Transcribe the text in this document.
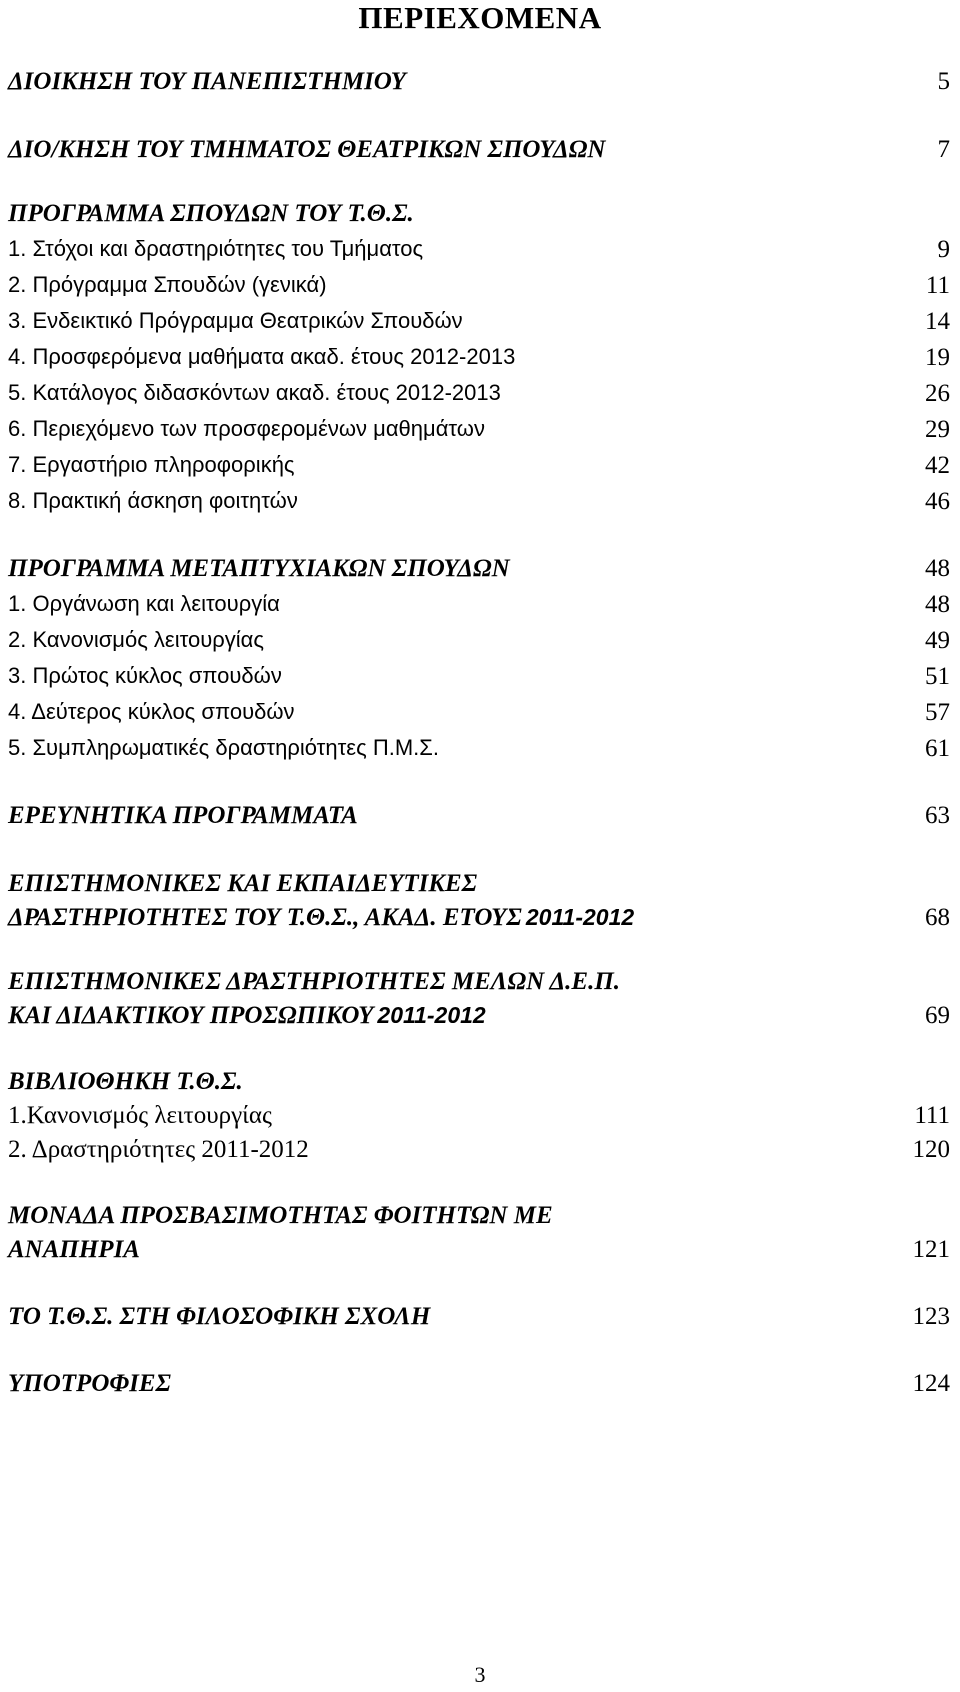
ΠΕΡΙΕΧΟΜΕΝΑ
ΔΙΟΙΚΗΣΗ ΤΟΥ ΠΑΝΕΠΙΣΤΗΜΙΟΥ	5
ΔΙΟ/ΚΗΣΗ ΤΟΥ ΤΜΗΜΑΤΟΣ ΘΕΑΤΡΙΚΩΝ ΣΠΟΥΔΩΝ	7
ΠΡΟΓΡΑΜΜΑ ΣΠΟΥΔΩΝ ΤΟΥ Τ.Θ.Σ.
1. Στόχοι και δραστηριότητες του Τμήματος	9
2. Πρόγραμμα Σπουδών (γενικά)	11
3. Ενδεικτικό Πρόγραμμα Θεατρικών Σπουδών	14
4. Προσφερόμενα μαθήματα ακαδ. έτους 2012-2013	19
5. Κατάλογος διδασκόντων ακαδ. έτους 2012-2013	26
6. Περιεχόμενο των προσφερομένων μαθημάτων	29
7. Εργαστήριο πληροφορικής	42
8. Πρακτική άσκηση φοιτητών	46
ΠΡΟΓΡΑΜΜΑ ΜΕΤΑΠΤΥΧΙΑΚΩΝ ΣΠΟΥΔΩΝ	48
1. Οργάνωση και λειτουργία	48
2. Κανονισμός λειτουργίας	49
3. Πρώτος κύκλος σπουδών	51
4. Δεύτερος κύκλος σπουδών	57
5. Συμπληρωματικές δραστηριότητες Π.Μ.Σ.	61
ΕΡΕΥΝΗΤΙΚΑ ΠΡΟΓΡΑΜΜΑΤΑ	63
ΕΠΙΣΤΗΜΟΝΙΚΕΣ ΚΑΙ ΕΚΠΑΙΔΕΥΤΙΚΕΣ
ΔΡΑΣΤΗΡΙΟΤΗΤΕΣ ΤΟΥ Τ.Θ.Σ., ΑΚΑΔ. ΕΤΟΥΣ 2011-2012	68
ΕΠΙΣΤΗΜΟΝΙΚΕΣ ΔΡΑΣΤΗΡΙΟΤΗΤΕΣ ΜΕΛΩΝ Δ.Ε.Π.
ΚΑΙ ΔΙΔΑΚΤΙΚΟΥ ΠΡΟΣΩΠΙΚΟΥ 2011-2012	69
ΒΙΒΛΙΟΘΗΚΗ Τ.Θ.Σ.
1.Κανονισμός λειτουργίας	111
2. Δραστηριότητες 2011-2012	120
ΜΟΝΑΔΑ ΠΡΟΣΒΑΣΙΜΟΤΗΤΑΣ ΦΟΙΤΗΤΩΝ ΜΕ
ΑΝΑΠΗΡΙΑ	121
ΤΟ Τ.Θ.Σ. ΣΤΗ ΦΙΛΟΣΟΦΙΚΗ ΣΧΟΛΗ	123
ΥΠΟΤΡΟΦΙΕΣ	124
3
